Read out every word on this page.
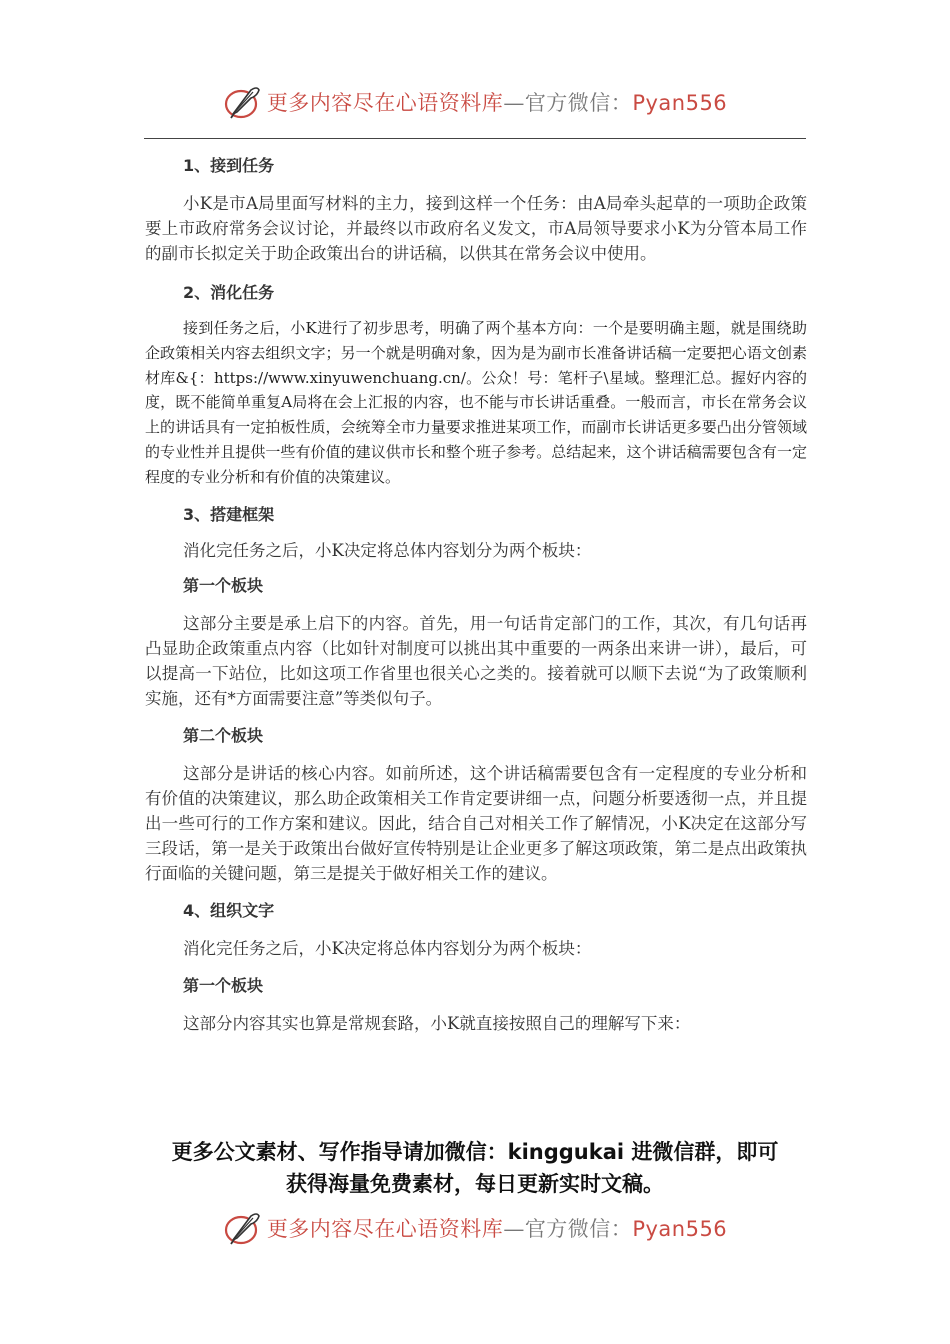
更多内容尽在心语资料库—官方微信：Pyan556

1、接到任务

小K是市A局里面写材料的主力，接到这样一个任务：由A局牵头起草的一项助企政策要上市政府常务会议讨论，并最终以市政府名义发文，市A局领导要求小K为分管本局工作的副市长拟定关于助企政策出台的讲话稿，以供其在常务会议中使用。

2、消化任务

接到任务之后，小K进行了初步思考，明确了两个基本方向：一个是要明确主题，就是围绕助企政策相关内容去组织文字；另一个就是明确对象，因为是为副市长准备讲话稿一定要把心语文创素材库&{：https://www.xinyuwenchuang.cn/。公众！号：笔杆子\星域。整理汇总。握好内容的度，既不能简单重复A局将在会上汇报的内容，也不能与市长讲话重叠。一般而言，市长在常务会议上的讲话具有一定拍板性质，会统筹全市力量要求推进某项工作，而副市长讲话更多要凸出分管领域的专业性并且提供一些有价值的建议供市长和整个班子参考。总结起来，这个讲话稿需要包含有一定程度的专业分析和有价值的决策建议。

3、搭建框架

消化完任务之后，小K决定将总体内容划分为两个板块：

第一个板块

这部分主要是承上启下的内容。首先，用一句话肯定部门的工作，其次，有几句话再凸显助企政策重点内容（比如针对制度可以挑出其中重要的一两条出来讲一讲），最后，可以提高一下站位，比如这项工作省里也很关心之类的。接着就可以顺下去说“为了政策顺利实施，还有*方面需要注意”等类似句子。

第二个板块

这部分是讲话的核心内容。如前所述，这个讲话稿需要包含有一定程度的专业分析和有价值的决策建议，那么助企政策相关工作肯定要讲细一点，问题分析要透彻一点，并且提出一些可行的工作方案和建议。因此，结合自己对相关工作了解情况，小K决定在这部分写三段话，第一是关于政策出台做好宣传特别是让企业更多了解这项政策，第二是点出政策执行面临的关键问题，第三是提关于做好相关工作的建议。

4、组织文字

消化完任务之后，小K决定将总体内容划分为两个板块：

第一个板块

这部分内容其实也算是常规套路，小K就直接按照自己的理解写下来：

更多公文素材、写作指导请加微信：kinggukai 进微信群，即可
获得海量免费素材，每日更新实时文稿。
更多内容尽在心语资料库—官方微信：Pyan556
